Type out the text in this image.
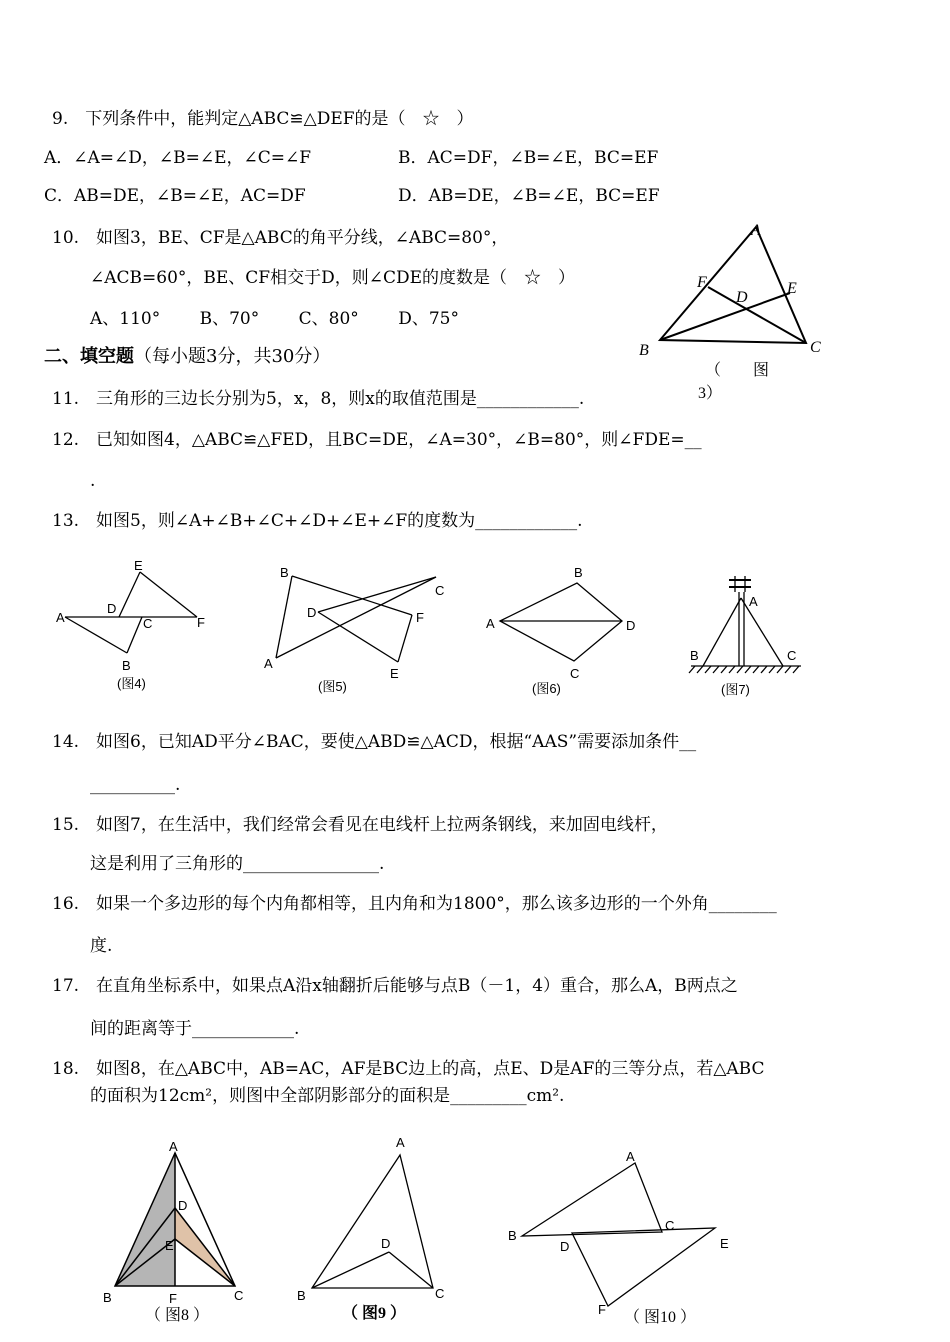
9.　下列条件中，能判定△ABC≌△DEF的是（　☆　）
A．∠A=∠D，∠B=∠E，∠C=∠F	B．AC=DF，∠B=∠E，BC=EF
C．AB=DE，∠B=∠E，AC=DF	D．AB=DE，∠B=∠E，BC=EF
10.　如图3，BE、CF是△ABC的角平分线，∠ABC=80°，
∠ACB=60°，BE、CF相交于D，则∠CDE的度数是（　☆　）
A、110°　　 B、70°　　 C、80°　　 D、75°
A
B	C
D
E
F
（　　图
3）
二、填空题（每小题3分，共30分）
11.　三角形的三边长分别为5，x，8，则x的取值范围是____________.
12.　已知如图4，△ABC≌△FED，且BC=DE，∠A=30°，∠B=80°，则∠FDE=__
.
13.　如图5，则∠A+∠B+∠C+∠D+∠E+∠F的度数为____________.
A
B
C
D
E
F
(图4)
B
A
C
D
E
F
(图5)
A
B
C
D
(图6)
A
B	C
(图7)
14.　如图6，已知AD平分∠BAC，要使△ABD≌△ACD，根据“AAS”需要添加条件__
__________.
15.　如图7，在生活中，我们经常会看见在电线杆上拉两条钢线，来加固电线杆，
这是利用了三角形的________________.
16.　如果一个多边形的每个内角都相等，且内角和为1800°，那么该多边形的一个外角________
度.
17.　在直角坐标系中，如果点A沿x轴翻折后能够与点B（－1，4）重合，那么A，B两点之
间的距离等于____________.
18.　如图8，在△ABC中，AB=AC，AF是BC边上的高，点E、D是AF的三等分点，若△ABC
的面积为12cm²，则图中全部阴影部分的面积是_________cm².
A
B	C
D
E
F
（ 图8 ）
A
B	C
D
（ 图9 ）
A
B
C
D	E
F （ 图10 ）
